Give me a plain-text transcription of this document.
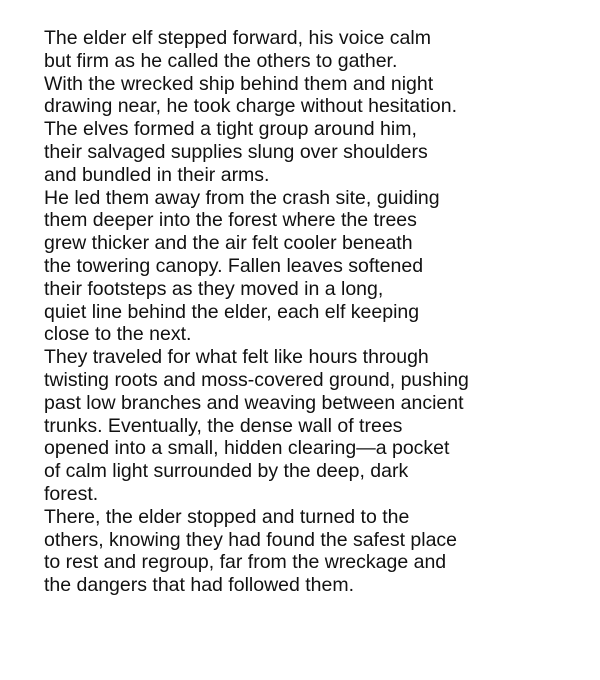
The elder elf stepped forward, his voice calm
but firm as he called the others to gather.
With the wrecked ship behind them and night
drawing near, he took charge without hesitation.
The elves formed a tight group around him,
their salvaged supplies slung over shoulders
and bundled in their arms.
He led them away from the crash site, guiding
them deeper into the forest where the trees
grew thicker and the air felt cooler beneath
the towering canopy. Fallen leaves softened
their footsteps as they moved in a long,
quiet line behind the elder, each elf keeping
close to the next.
They traveled for what felt like hours through
twisting roots and moss-covered ground, pushing
past low branches and weaving between ancient
trunks. Eventually, the dense wall of trees
opened into a small, hidden clearing—a pocket
of calm light surrounded by the deep, dark
forest.
There, the elder stopped and turned to the
others, knowing they had found the safest place
to rest and regroup, far from the wreckage and
the dangers that had followed them.
